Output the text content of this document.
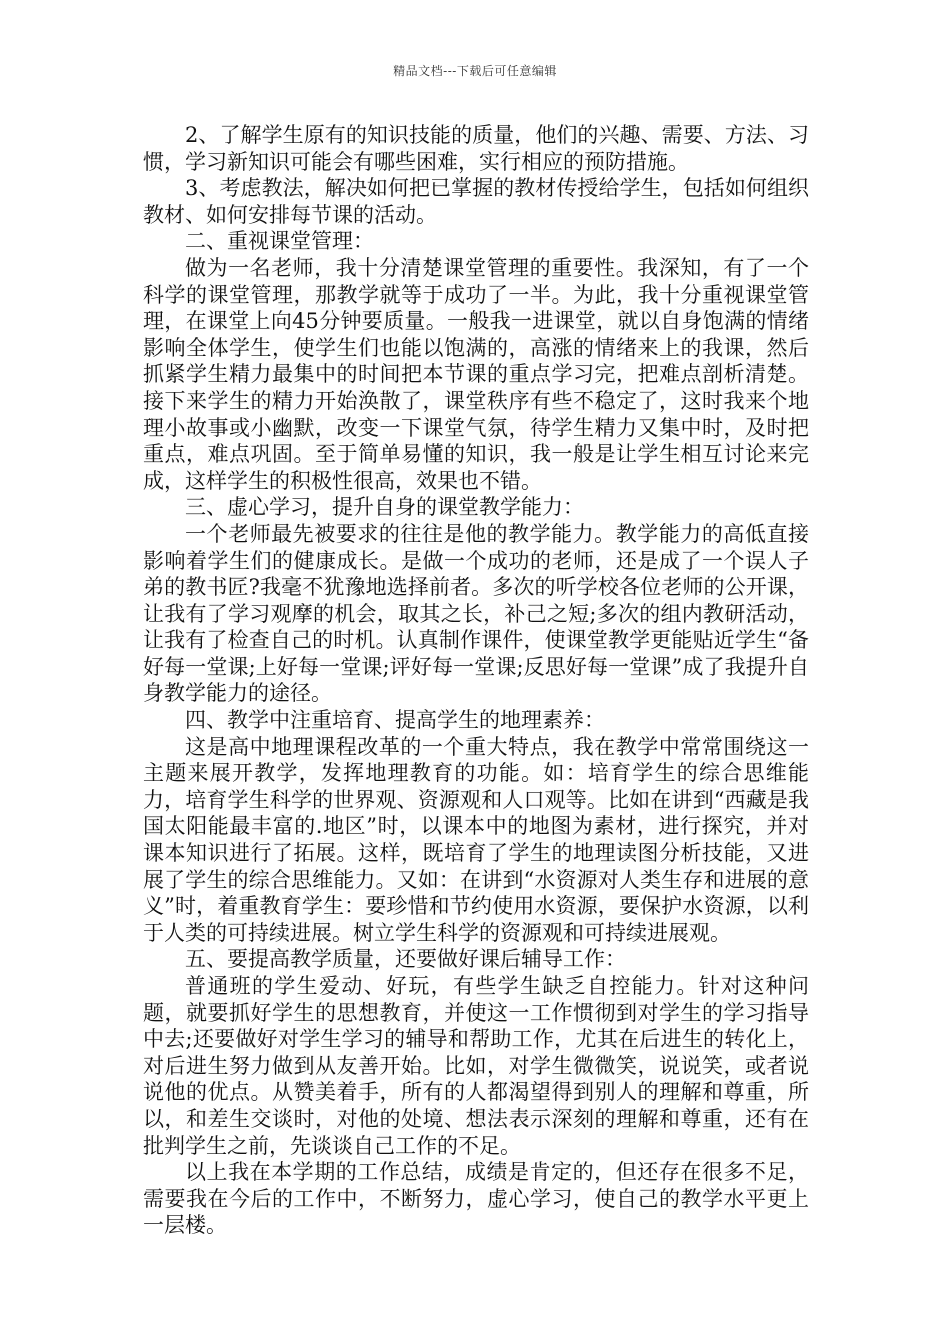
精品文档---下载后可任意编辑

2、了解学生原有的知识技能的质量，他们的兴趣、需要、方法、习惯，学习新知识可能会有哪些困难，实行相应的预防措施。

3、考虑教法，解决如何把已掌握的教材传授给学生，包括如何组织教材、如何安排每节课的活动。

二、重视课堂管理：

做为一名老师，我十分清楚课堂管理的重要性。我深知，有了一个科学的课堂管理，那教学就等于成功了一半。为此，我十分重视课堂管理，在课堂上向45分钟要质量。一般我一进课堂，就以自身饱满的情绪影响全体学生，使学生们也能以饱满的，高涨的情绪来上的我课，然后抓紧学生精力最集中的时间把本节课的重点学习完，把难点剖析清楚。接下来学生的精力开始涣散了，课堂秩序有些不稳定了，这时我来个地理小故事或小幽默，改变一下课堂气氛，待学生精力又集中时，及时把重点，难点巩固。至于简单易懂的知识，我一般是让学生相互讨论来完成，这样学生的积极性很高，效果也不错。

三、虚心学习，提升自身的课堂教学能力：

一个老师最先被要求的往往是他的教学能力。教学能力的高低直接影响着学生们的健康成长。是做一个成功的老师，还是成了一个误人子弟的教书匠?我毫不犹豫地选择前者。多次的听学校各位老师的公开课，让我有了学习观摩的机会，取其之长，补己之短;多次的组内教研活动，让我有了检查自己的时机。认真制作课件，使课堂教学更能贴近学生“备好每一堂课;上好每一堂课;评好每一堂课;反思好每一堂课”成了我提升自身教学能力的途径。

四、教学中注重培育、提高学生的地理素养：

这是高中地理课程改革的一个重大特点，我在教学中常常围绕这一主题来展开教学，发挥地理教育的功能。如：培育学生的综合思维能力，培育学生科学的世界观、资源观和人口观等。比如在讲到“西藏是我国太阳能最丰富的.地区”时，以课本中的地图为素材，进行探究，并对课本知识进行了拓展。这样，既培育了学生的地理读图分析技能，又进展了学生的综合思维能力。又如：在讲到“水资源对人类生存和进展的意义”时，着重教育学生：要珍惜和节约使用水资源，要保护水资源，以利于人类的可持续进展。树立学生科学的资源观和可持续进展观。

五、要提高教学质量，还要做好课后辅导工作：

普通班的学生爱动、好玩，有些学生缺乏自控能力。针对这种问题，就要抓好学生的思想教育，并使这一工作惯彻到对学生的学习指导中去;还要做好对学生学习的辅导和帮助工作，尤其在后进生的转化上，对后进生努力做到从友善开始。比如，对学生微微笑，说说笑，或者说说他的优点。从赞美着手，所有的人都渴望得到别人的理解和尊重，所以，和差生交谈时，对他的处境、想法表示深刻的理解和尊重，还有在批判学生之前，先谈谈自己工作的不足。

以上我在本学期的工作总结，成绩是肯定的，但还存在很多不足，需要我在今后的工作中，不断努力，虚心学习，使自己的教学水平更上一层楼。
